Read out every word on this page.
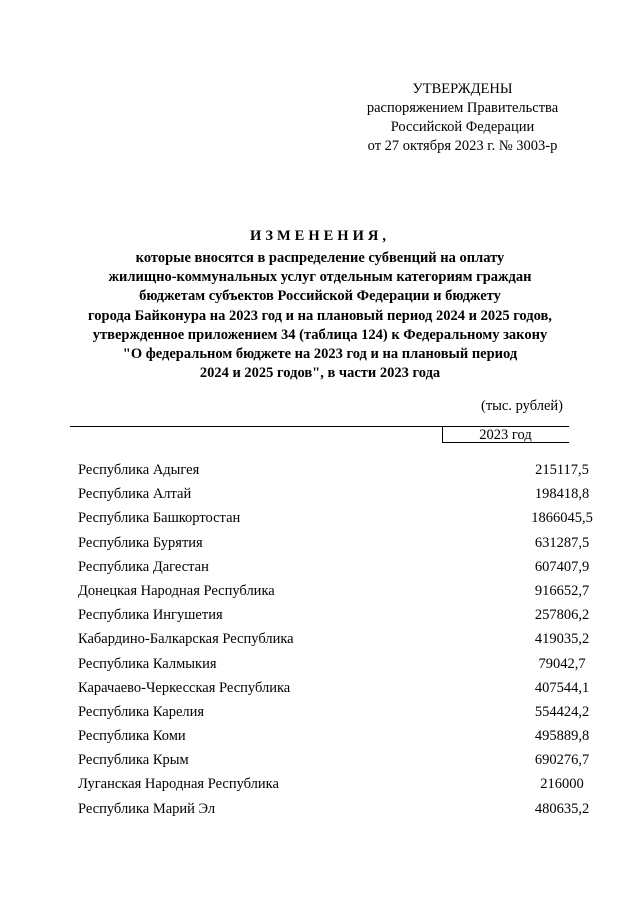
УТВЕРЖДЕНЫ
распоряжением Правительства
Российской Федерации
от 27 октября 2023 г. № 3003-р
ИЗМЕНЕНИЯ,
которые вносятся в распределение субвенций на оплату
жилищно-коммунальных услуг отдельным категориям граждан
бюджетам субъектов Российской Федерации и бюджету
города Байконура на 2023 год и на плановый период 2024 и 2025 годов,
утвержденное приложением 34 (таблица 124) к Федеральному закону
"О федеральном бюджете на 2023 год и на плановый период
2024 и 2025 годов", в части 2023 года
(тыс. рублей)
2023 год
Республика Адыгея	215117,5
Республика Алтай	198418,8
Республика Башкортостан	1866045,5
Республика Бурятия	631287,5
Республика Дагестан	607407,9
Донецкая Народная Республика	916652,7
Республика Ингушетия	257806,2
Кабардино-Балкарская Республика	419035,2
Республика Калмыкия	79042,7
Карачаево-Черкесская Республика	407544,1
Республика Карелия	554424,2
Республика Коми	495889,8
Республика Крым	690276,7
Луганская Народная Республика	216000
Республика Марий Эл	480635,2
